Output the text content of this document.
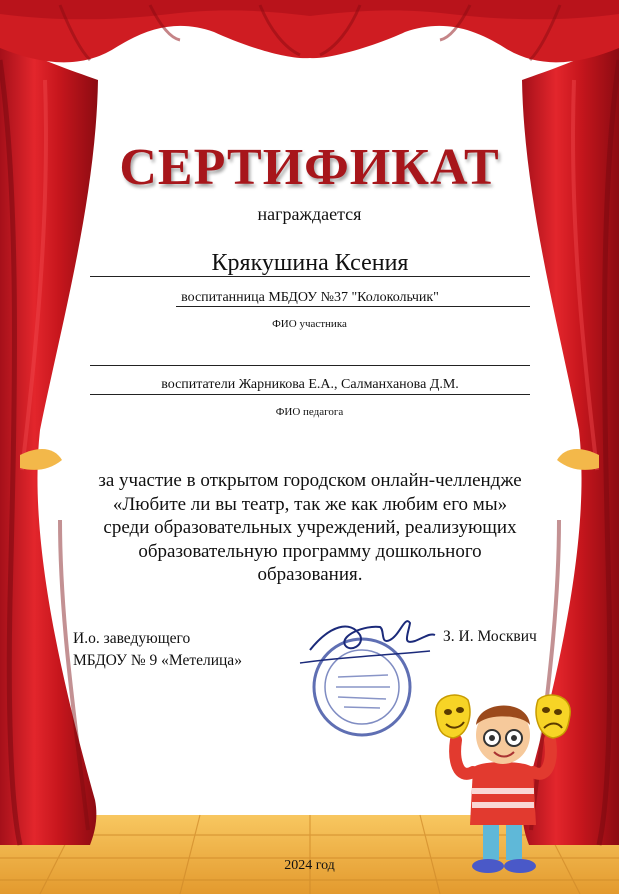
СЕРТИФИКАТ
награждается
Крякушина Ксения
воспитанница МБДОУ №37 "Колокольчик"
ФИО участника
воспитатели Жарникова Е.А., Салманханова Д.М.
ФИО педагога
за участие в открытом городском онлайн-челлендже
«Любите ли вы театр, так же как любим его мы»
среди образовательных учреждений, реализующих
образовательную программу дошкольного
образования.
И.о. заведующего
МБДОУ № 9 «Метелица»
З. И. Москвич
2024 год
